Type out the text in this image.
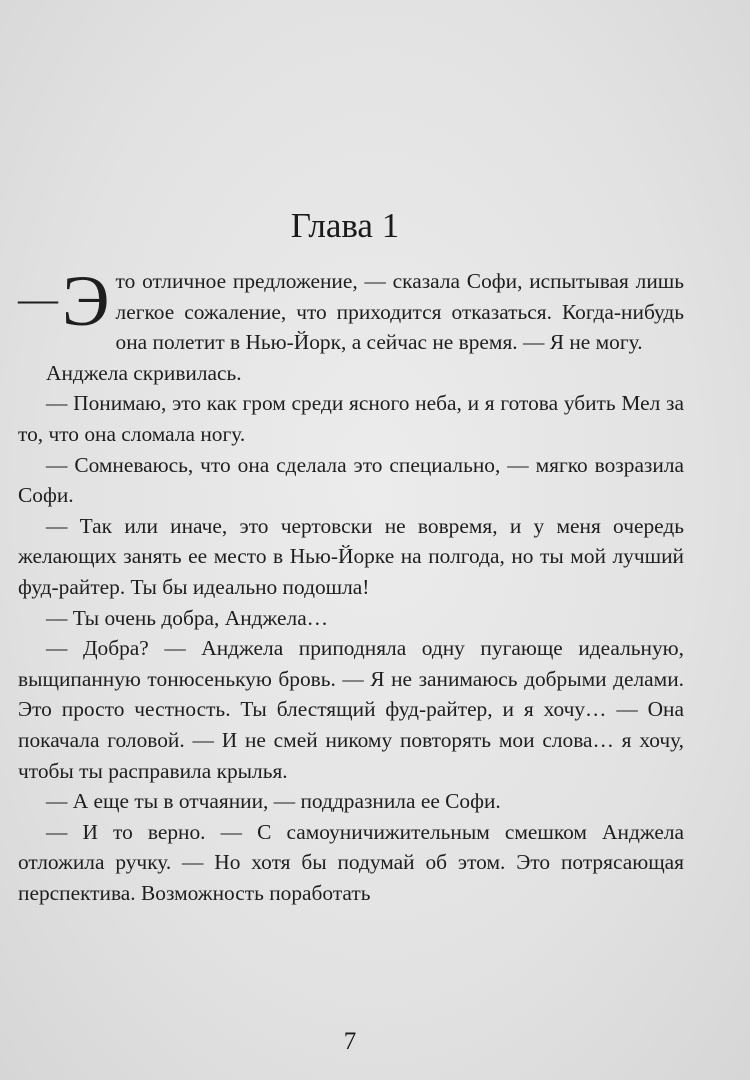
Глава 1

— Э то отличное предложение, — сказала Софи, испытывая лишь легкое сожаление, что приходится отказаться. Когда-нибудь она полетит в Нью-Йорк, а сейчас не время. — Я не могу.

Анджела скривилась.

— Понимаю, это как гром среди ясного неба, и я готова убить Мел за то, что она сломала ногу.

— Сомневаюсь, что она сделала это специально, — мягко возразила Софи.

— Так или иначе, это чертовски не вовремя, и у меня очередь желающих занять ее место в Нью-Йорке на полгода, но ты мой лучший фуд-райтер. Ты бы идеально подошла!

— Ты очень добра, Анджела…

— Добра? — Анджела приподняла одну пугающе идеальную, выщипанную тонюсенькую бровь. — Я не занимаюсь добрыми делами. Это просто честность. Ты блестящий фуд-райтер, и я хочу… — Она покачала головой. — И не смей никому повторять мои слова… я хочу, чтобы ты расправила крылья.

— А еще ты в отчаянии, — поддразнила ее Софи.

— И то верно. — С самоуничижительным смешком Анджела отложила ручку. — Но хотя бы подумай об этом. Это потрясающая перспектива. Возможность поработать

7
